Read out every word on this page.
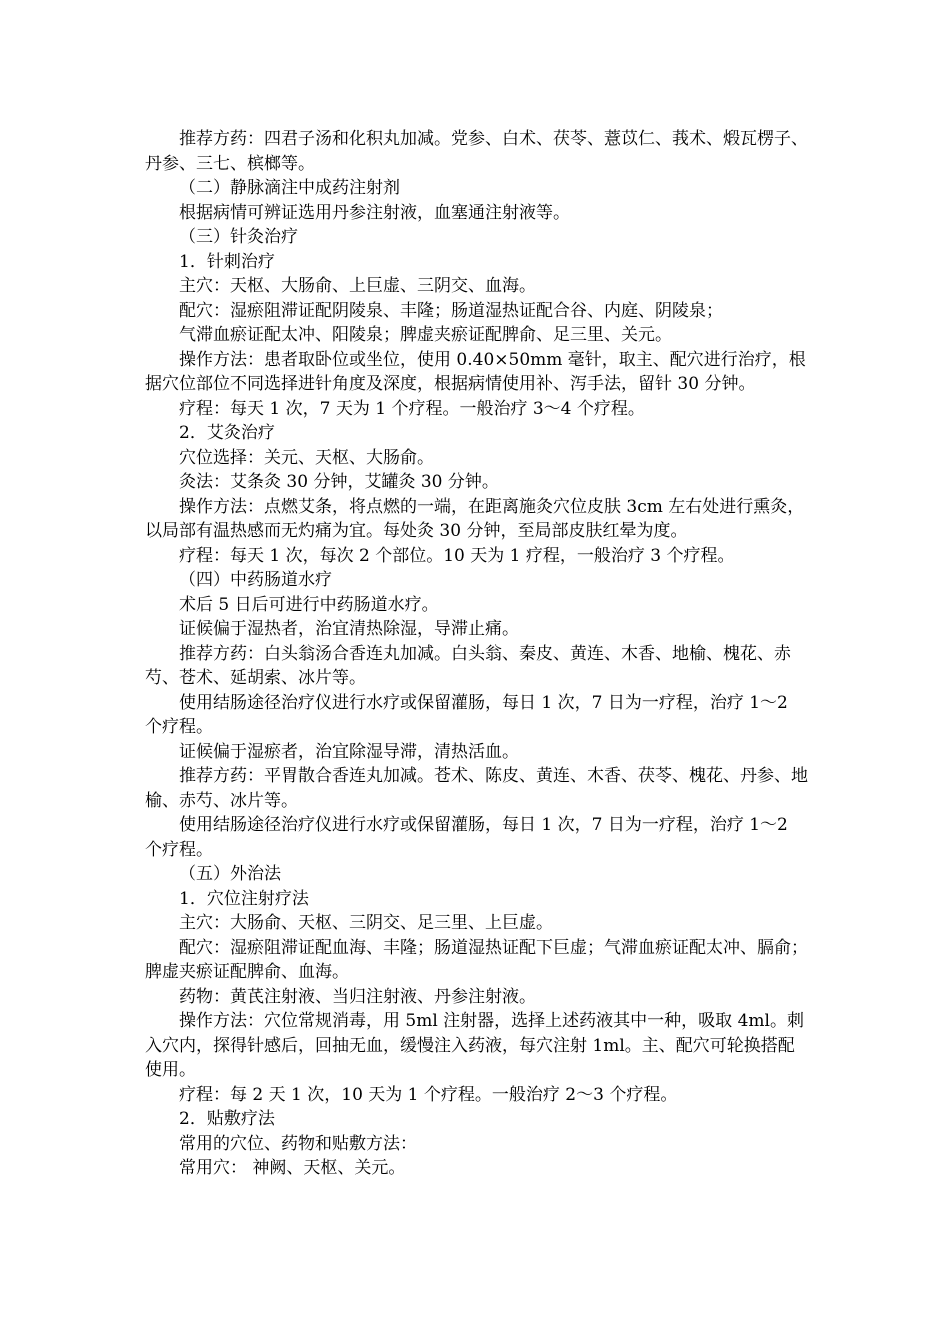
推荐方药：四君子汤和化积丸加减。党参、白术、茯苓、薏苡仁、莪术、煅瓦楞子、丹参、三七、槟榔等。

（二）静脉滴注中成药注射剂

根据病情可辨证选用丹参注射液，血塞通注射液等。

（三）针灸治疗

1．针刺治疗

主穴：天枢、大肠俞、上巨虚、三阴交、血海。

配穴：湿瘀阻滞证配阴陵泉、丰隆；肠道湿热证配合谷、内庭、阴陵泉；

气滞血瘀证配太冲、阳陵泉；脾虚夹瘀证配脾俞、足三里、关元。

操作方法：患者取卧位或坐位，使用 0.40×50mm 毫针，取主、配穴进行治疗，根据穴位部位不同选择进针角度及深度，根据病情使用补、泻手法，留针 30 分钟。

疗程：每天 1 次，7 天为 1 个疗程。一般治疗 3～4 个疗程。

2．艾灸治疗

穴位选择：关元、天枢、大肠俞。

灸法：艾条灸 30 分钟，艾罐灸 30 分钟。

操作方法：点燃艾条，将点燃的一端，在距离施灸穴位皮肤 3cm 左右处进行熏灸，以局部有温热感而无灼痛为宜。每处灸 30 分钟，至局部皮肤红晕为度。

疗程：每天 1 次，每次 2 个部位。10 天为 1 疗程，一般治疗 3 个疗程。

（四）中药肠道水疗

术后 5 日后可进行中药肠道水疗。

证候偏于湿热者，治宜清热除湿，导滞止痛。

推荐方药：白头翁汤合香连丸加减。白头翁、秦皮、黄连、木香、地榆、槐花、赤芍、苍术、延胡索、冰片等。

使用结肠途径治疗仪进行水疗或保留灌肠，每日 1 次，7 日为一疗程，治疗 1～2 个疗程。

证候偏于湿瘀者，治宜除湿导滞，清热活血。

推荐方药：平胃散合香连丸加减。苍术、陈皮、黄连、木香、茯苓、槐花、丹参、地榆、赤芍、冰片等。

使用结肠途径治疗仪进行水疗或保留灌肠，每日 1 次，7 日为一疗程，治疗 1～2 个疗程。

（五）外治法

1．穴位注射疗法

主穴：大肠俞、天枢、三阴交、足三里、上巨虚。

配穴：湿瘀阻滞证配血海、丰隆；肠道湿热证配下巨虚；气滞血瘀证配太冲、膈俞；脾虚夹瘀证配脾俞、血海。

药物：黄芪注射液、当归注射液、丹参注射液。

操作方法：穴位常规消毒，用 5ml 注射器，选择上述药液其中一种，吸取 4ml。刺入穴内，探得针感后，回抽无血，缓慢注入药液，每穴注射 1ml。主、配穴可轮换搭配使用。

疗程：每 2 天 1 次，10 天为 1 个疗程。一般治疗 2～3 个疗程。

2．贴敷疗法

常用的穴位、药物和贴敷方法：

常用穴： 神阙、天枢、关元。
